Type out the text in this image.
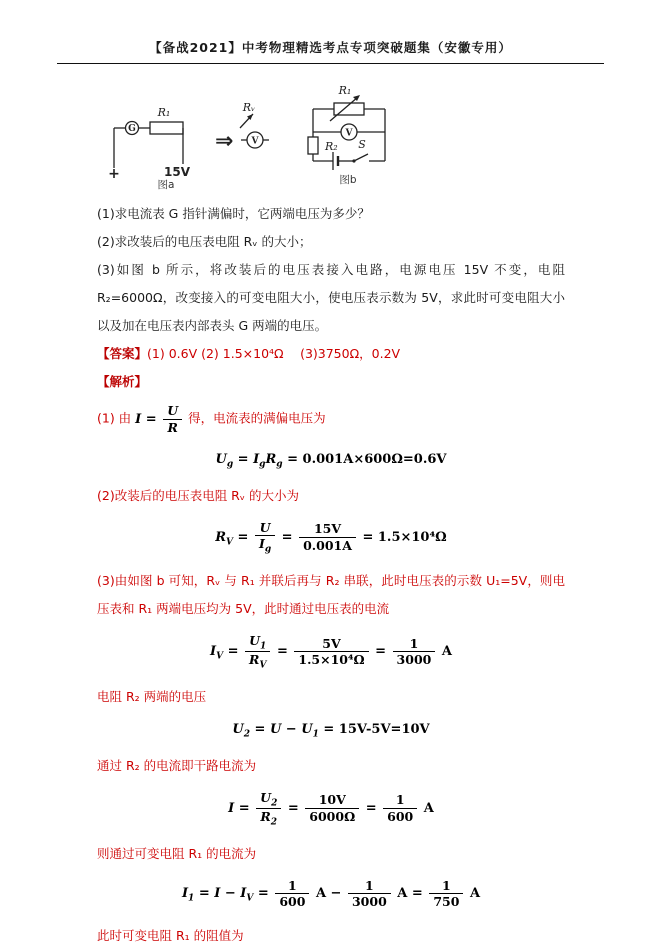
【备战2021】中考物理精选考点专项突破题集（安徽专用）
G
R₁
+	15V
图a
⇒ V
Rᵥ
R₁
V
R₂ S
图b

(1)求电流表 G 指针满偏时，它两端电压为多少？

(2)求改装后的电压表电阻 Rᵥ 的大小；

(3)如图 b 所示，将改装后的电压表接入电路，电源电压 15V 不变，电阻 R₂=6000Ω，改变接入的可变电阻大小，使电压表示数为 5V，求此时可变电阻大小以及加在电压表内部表头 G 两端的电压。

【答案】(1) 0.6V (2) 1.5×10⁴Ω　 (3)3750Ω，0.2V

【解析】

(1) 由 $I = \frac{U}{R}$ 得，电流表的满偏电压为

$U_g = I_gR_g = 0.001A\times 600\Omega=0.6V$

(2)改装后的电压表电阻 Rᵥ 的大小为

$R_V = \frac{U}{I_g} = \frac{15V}{0.001A} = 1.5\times 10^4\Omega$

(3)由如图 b 可知，Rᵥ 与 R₁ 并联后再与 R₂ 串联，此时电压表的示数 U₁=5V，则电压表和 R₁ 两端电压均为 5V，此时通过电压表的电流

$I_V = \frac{U_1}{R_V} = \frac{5V}{\text{1.5×10⁴Ω}} = \frac{1}{3000}$ A

电阻 R₂ 两端的电压

$U_2 = U - U_1 = 15V-5V=10V$

通过 R₂ 的电流即干路电流为

$I = \frac{U_2}{R_2} = \frac{10V}{6000\Omega} = \frac{1}{600}$ A

则通过可变电阻 R₁ 的电流为

$I_1 = I - I_V = \frac{1}{600}$ $A - \frac{1}{3000}$ $A = \frac{1}{750}$ A

此时可变电阻 R₁ 的阻值为
